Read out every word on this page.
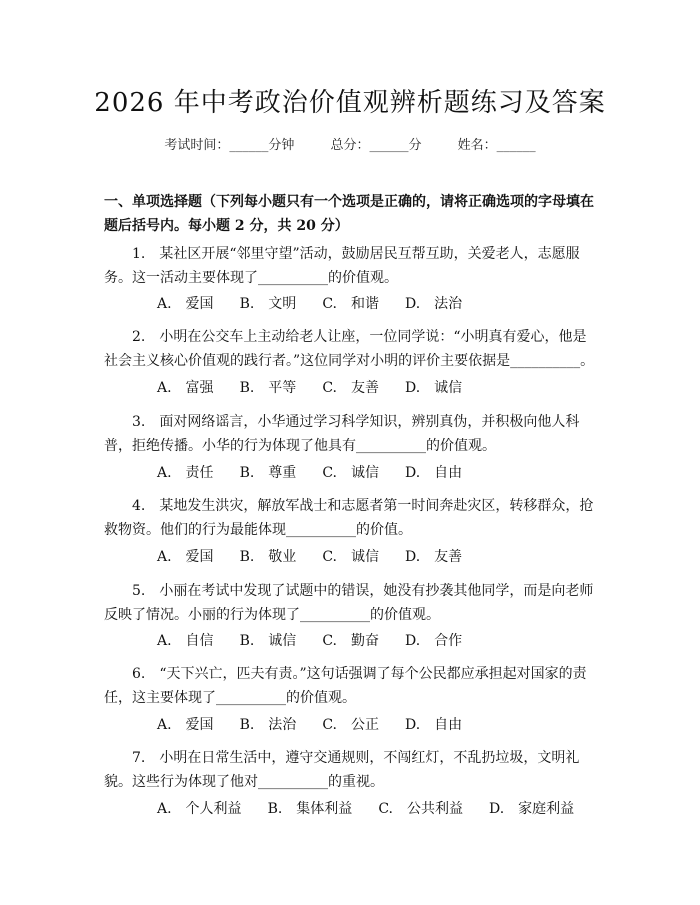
2026 年中考政治价值观辨析题练习及答案
考试时间：______分钟	总分：______分	姓名：______
一、单项选择题（下列每小题只有一个选项是正确的，请将正确选项的字母填在题后括号内。每小题 2 分，共 20 分）
1.　某社区开展“邻里守望”活动，鼓励居民互帮互助，关爱老人，志愿服务。这一活动主要体现了__________的价值观。
A.　爱国 B.　文明 C.　和谐 D.　法治
2.　小明在公交车上主动给老人让座，一位同学说：“小明真有爱心，他是社会主义核心价值观的践行者。”这位同学对小明的评价主要依据是__________。
A.　富强 B.　平等 C.　友善 D.　诚信
3.　面对网络谣言，小华通过学习科学知识，辨别真伪，并积极向他人科普，拒绝传播。小华的行为体现了他具有__________的价值观。
A.　责任 B.　尊重 C.　诚信 D.　自由
4.　某地发生洪灾，解放军战士和志愿者第一时间奔赴灾区，转移群众，抢救物资。他们的行为最能体现__________的价值。
A.　爱国 B.　敬业 C.　诚信 D.　友善
5.　小丽在考试中发现了试题中的错误，她没有抄袭其他同学，而是向老师反映了情况。小丽的行为体现了__________的价值观。
A.　自信 B.　诚信 C.　勤奋 D.　合作
6.　“天下兴亡，匹夫有责。”这句话强调了每个公民都应承担起对国家的责任，这主要体现了__________的价值观。
A.　爱国 B.　法治 C.　公正 D.　自由
7.　小明在日常生活中，遵守交通规则，不闯红灯，不乱扔垃圾，文明礼貌。这些行为体现了他对__________的重视。
A.　个人利益 B.　集体利益 C.　公共利益 D.　家庭利益
